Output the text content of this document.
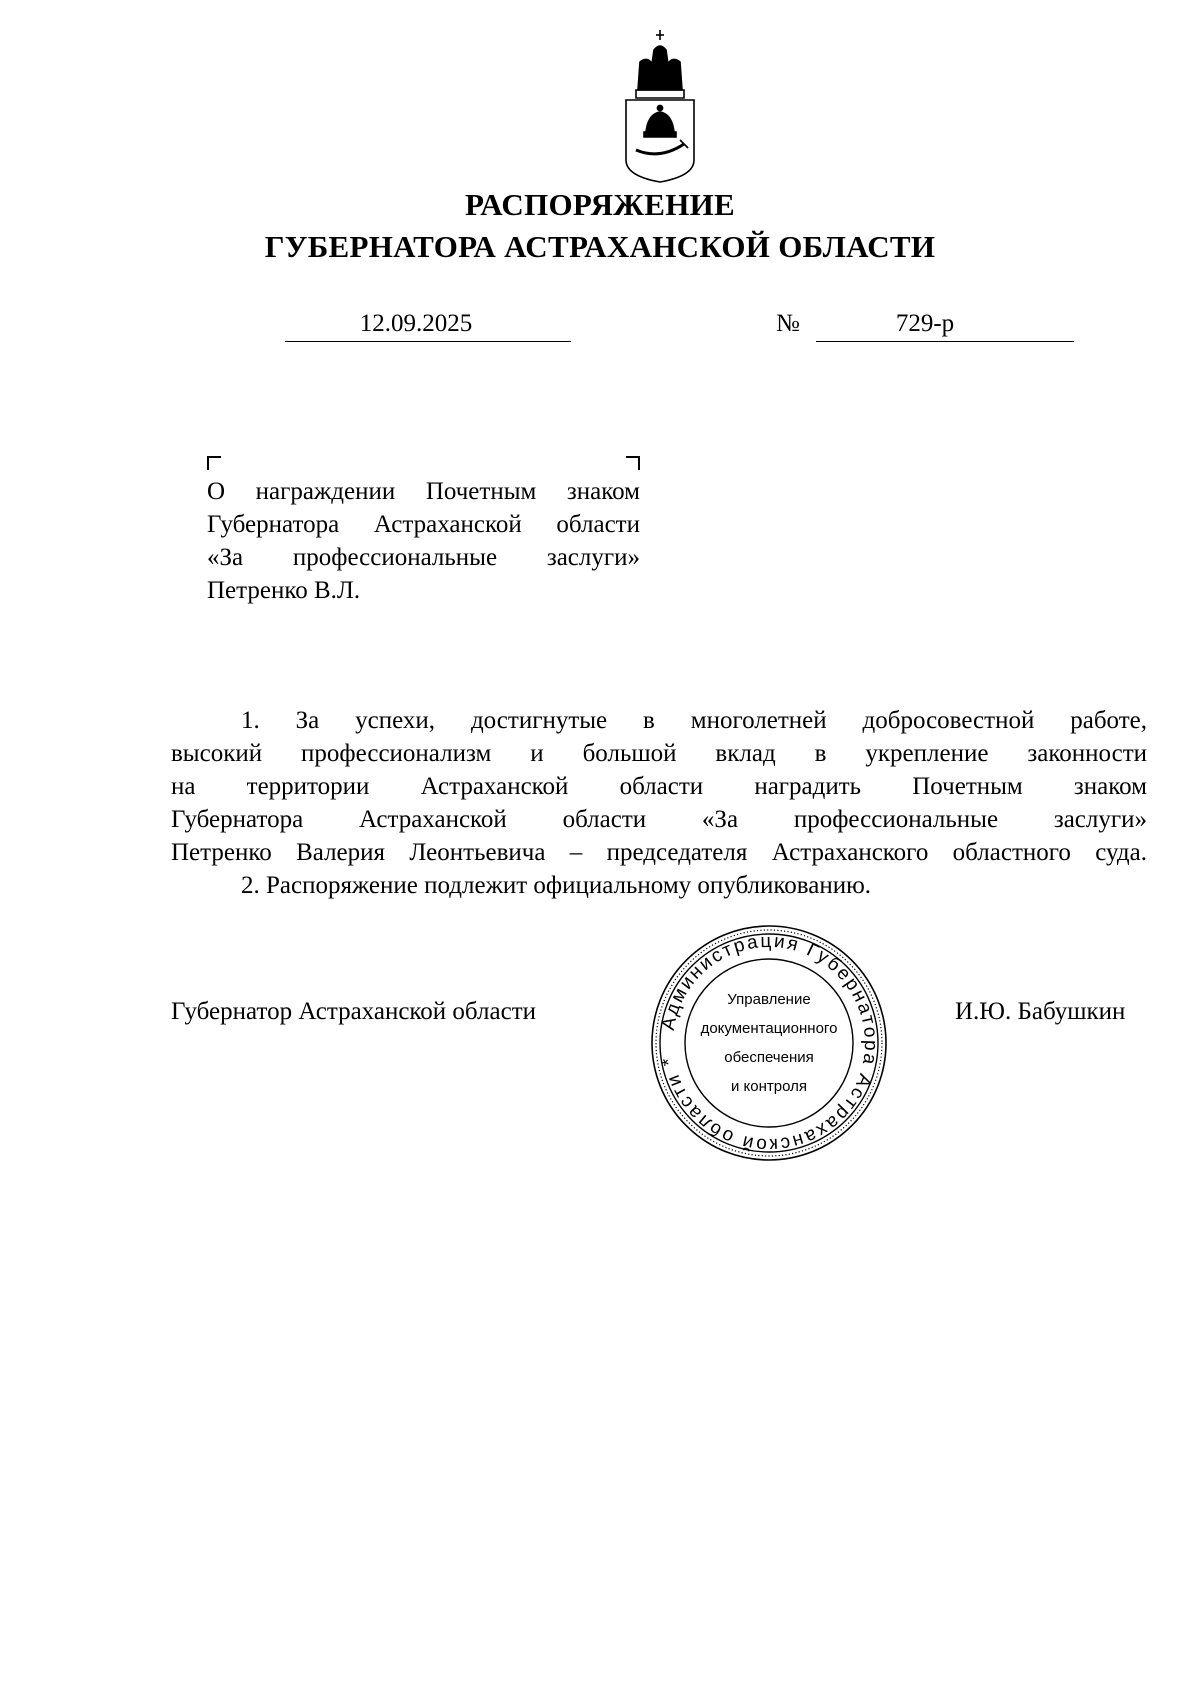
РАСПОРЯЖЕНИЕ
ГУБЕРНАТОРА АСТРАХАНСКОЙ ОБЛАСТИ
12.09.2025	№	729-р
О награждении Почетным знаком
Губернатора Астраханской области
«За профессиональные заслуги»
Петренко В.Л.
1. За успехи, достигнутые в многолетней добросовестной работе,
высокий профессионализм и большой вклад в укрепление законности
на территории Астраханской области наградить Почетным знаком
Губернатора Астраханской области «За профессиональные заслуги»
Петренко Валерия Леонтьевича – председателя Астраханского областного суда.
2. Распоряжение подлежит официальному опубликованию.
Губернатор Астраханской области	И.Ю. Бабушкин
Администрация Губернатора Астраханской области *
Управление
документационного
обеспечения
и контроля
